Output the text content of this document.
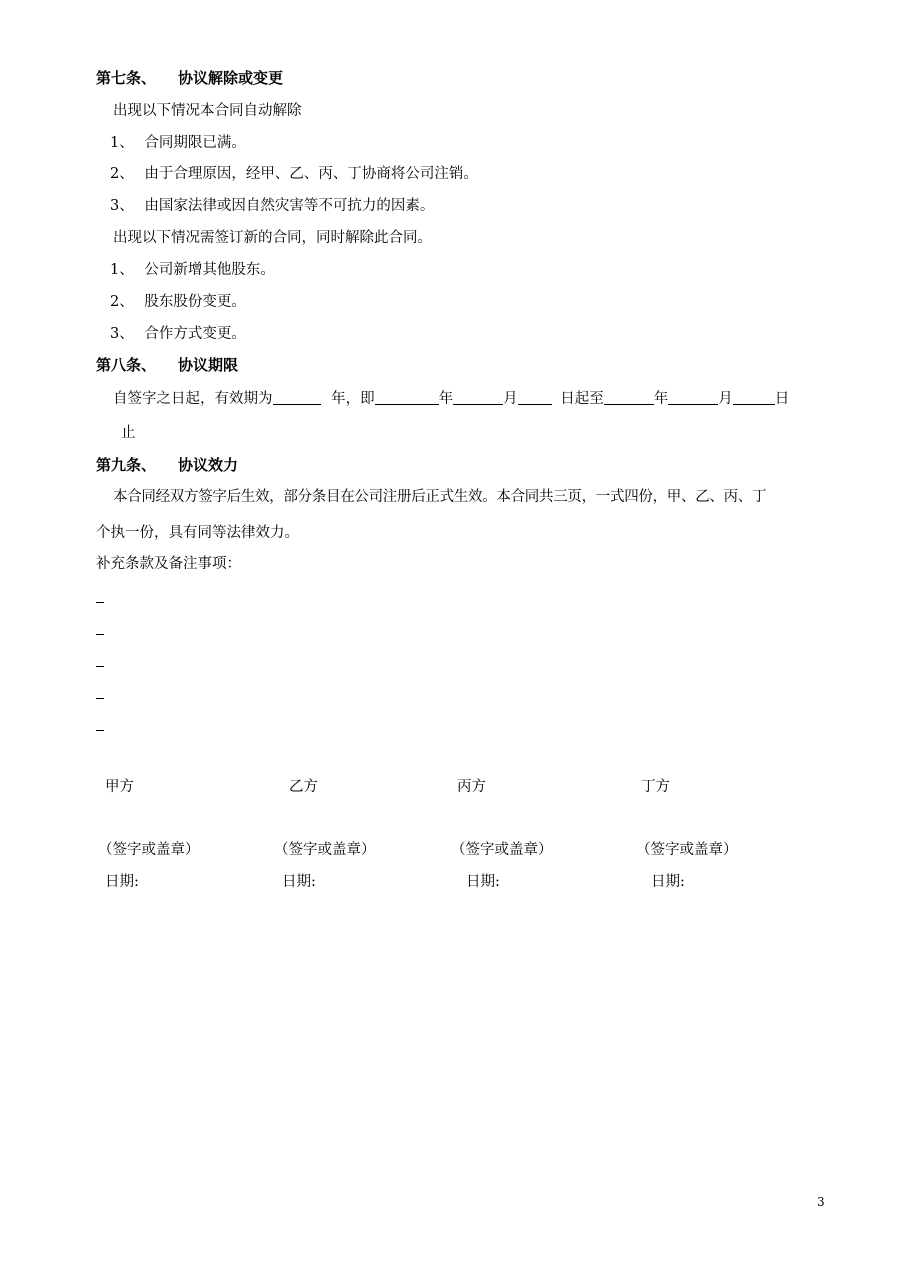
第七条、 协议解除或变更
出现以下情况本合同自动解除
1、 合同期限已满。
2、 由于合理原因，经甲、乙、丙、丁协商将公司注销。
3、 由国家法律或因自然灾害等不可抗力的因素。
出现以下情况需签订新的合同，同时解除此合同。
1、 公司新增其他股东。
2、 股东股份变更。
3、 合作方式变更。
第八条、 协议期限
自签字之日起，有效期为	年，即	年	月	日起至	年	月	日
止
第九条、 协议效力
本合同经双方签字后生效，部分条目在公司注册后正式生效。本合同共三页，一式四份，甲、乙、丙、丁
个执一份，具有同等法律效力。
补充条款及备注事项：
甲方	乙方	丙方	丁方
（签字或盖章）	（签字或盖章）	（签字或盖章）	（签字或盖章）
日期:	日期:	日期:	日期:
3
